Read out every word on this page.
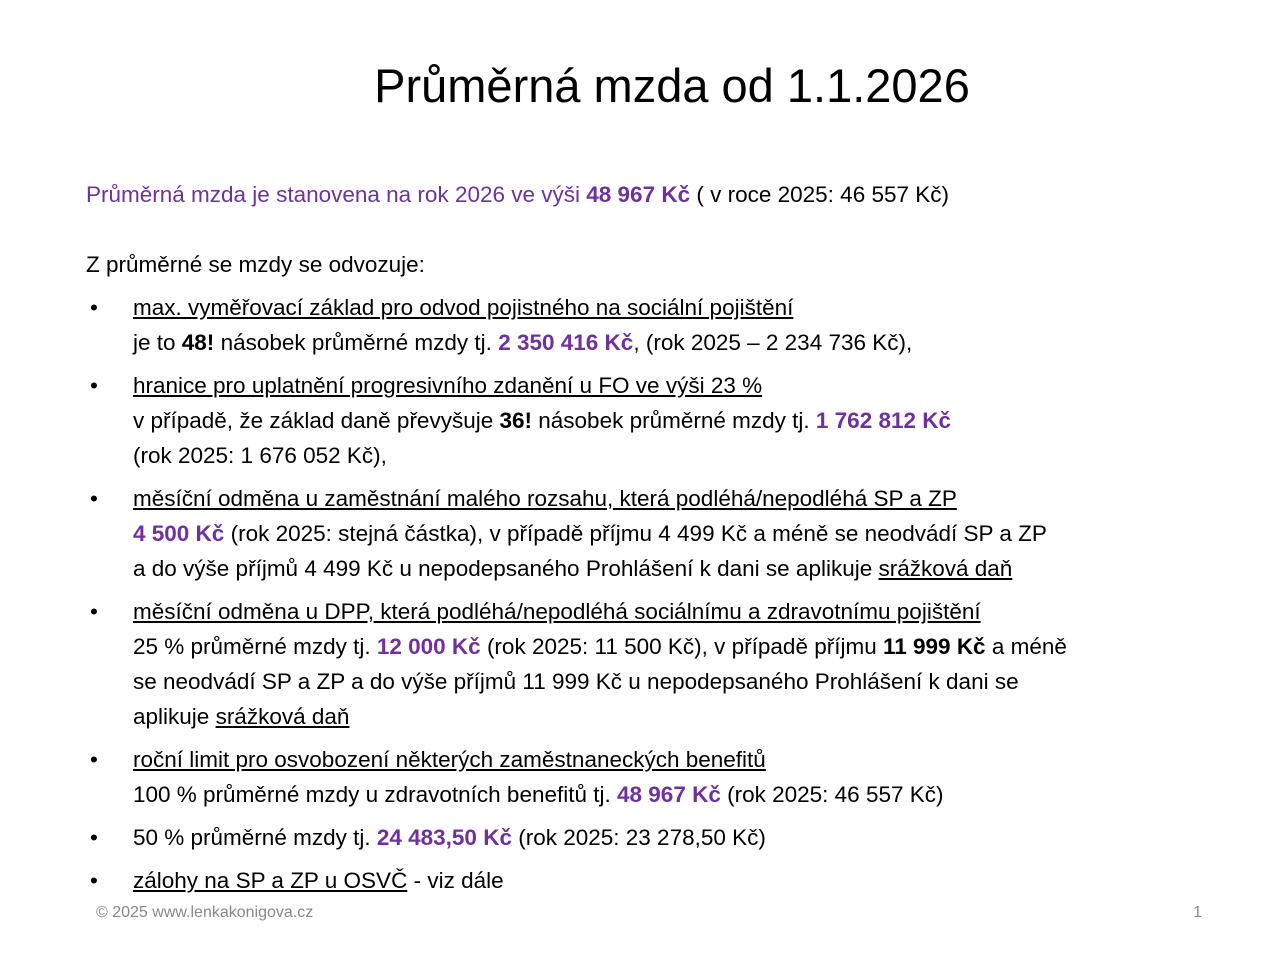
Průměrná mzda od 1.1.2026
Průměrná mzda je stanovena na rok 2026 ve výši 48 967 Kč ( v roce 2025: 46 557 Kč)
Z průměrné se mzdy se odvozuje:
• max. vyměřovací základ pro odvod pojistného na sociální pojištění
je to 48! násobek průměrné mzdy tj. 2 350 416 Kč, (rok 2025 – 2 234 736 Kč),
• hranice pro uplatnění progresivního zdanění u FO ve výši 23 %
v případě, že základ daně převyšuje 36! násobek průměrné mzdy tj. 1 762 812 Kč
(rok 2025: 1 676 052 Kč),
• měsíční odměna u zaměstnání malého rozsahu, která podléhá/nepodléhá SP a ZP
4 500 Kč (rok 2025: stejná částka), v případě příjmu 4 499 Kč a méně se neodvádí SP a ZP
a do výše příjmů 4 499 Kč u nepodepsaného Prohlášení k dani se aplikuje srážková daň
• měsíční odměna u DPP, která podléhá/nepodléhá sociálnímu a zdravotnímu pojištění
25 % průměrné mzdy tj. 12 000 Kč (rok 2025: 11 500 Kč), v případě příjmu 11 999 Kč a méně
se neodvádí SP a ZP a do výše příjmů 11 999 Kč u nepodepsaného Prohlášení k dani se
aplikuje srážková daň
• roční limit pro osvobození některých zaměstnaneckých benefitů
100 % průměrné mzdy u zdravotních benefitů tj. 48 967 Kč (rok 2025: 46 557 Kč)
• 50 % průměrné mzdy tj. 24 483,50 Kč (rok 2025: 23 278,50 Kč)
• zálohy na SP a ZP u OSVČ - viz dále
© 2025 www.lenkakonigova.cz	1
